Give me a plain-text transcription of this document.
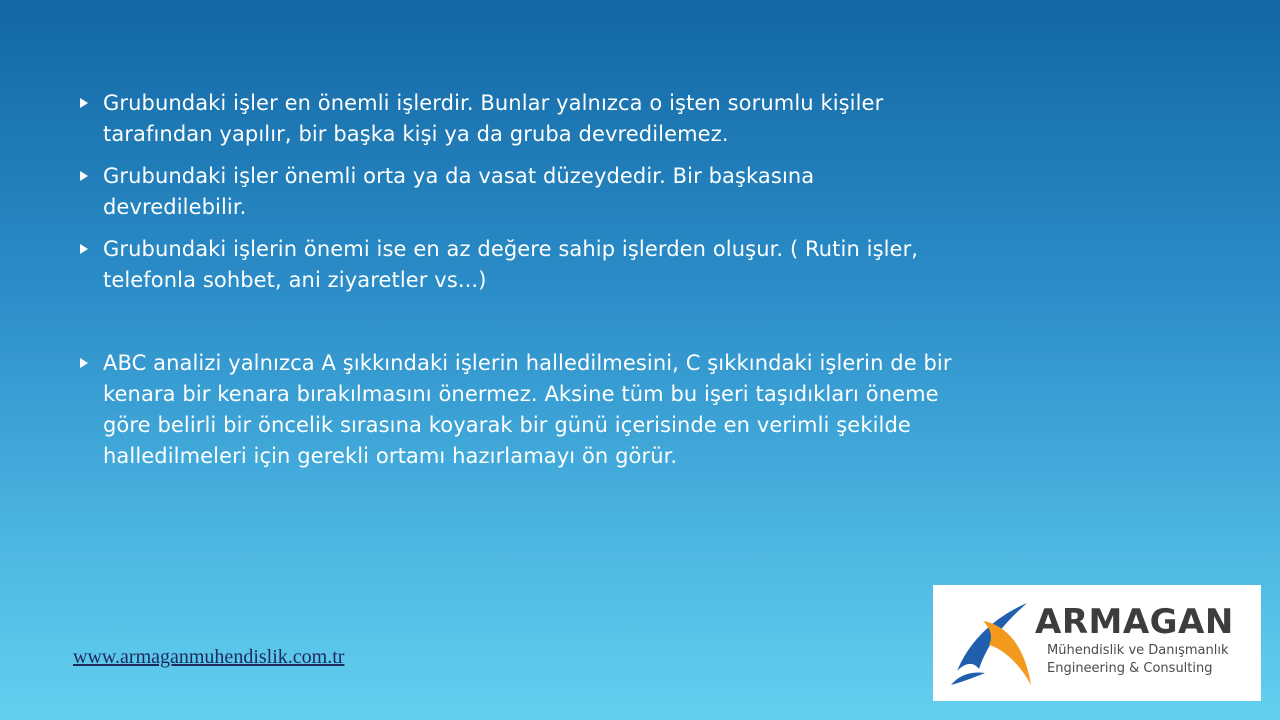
Grubundaki işler en önemli işlerdir. Bunlar yalnızca o işten sorumlu kişiler tarafından yapılır, bir başka kişi ya da gruba devredilemez.
Grubundaki işler önemli orta ya da vasat düzeydedir. Bir başkasına devredilebilir.
Grubundaki işlerin önemi ise en az değere sahip işlerden oluşur. ( Rutin işler, telefonla sohbet, ani ziyaretler vs...)
ABC analizi yalnızca A şıkkındaki işlerin halledilmesini, C şıkkındaki işlerin de bir kenara bir kenara bırakılmasını önermez. Aksine tüm bu işeri taşıdıkları öneme göre belirli bir öncelik sırasına koyarak bir günü içerisinde en verimli şekilde halledilmeleri için gerekli ortamı hazırlamayı ön görür.
www.armaganmuhendislik.com.tr
ARMAGAN
Mühendislik ve Danışmanlık
Engineering & Consulting
